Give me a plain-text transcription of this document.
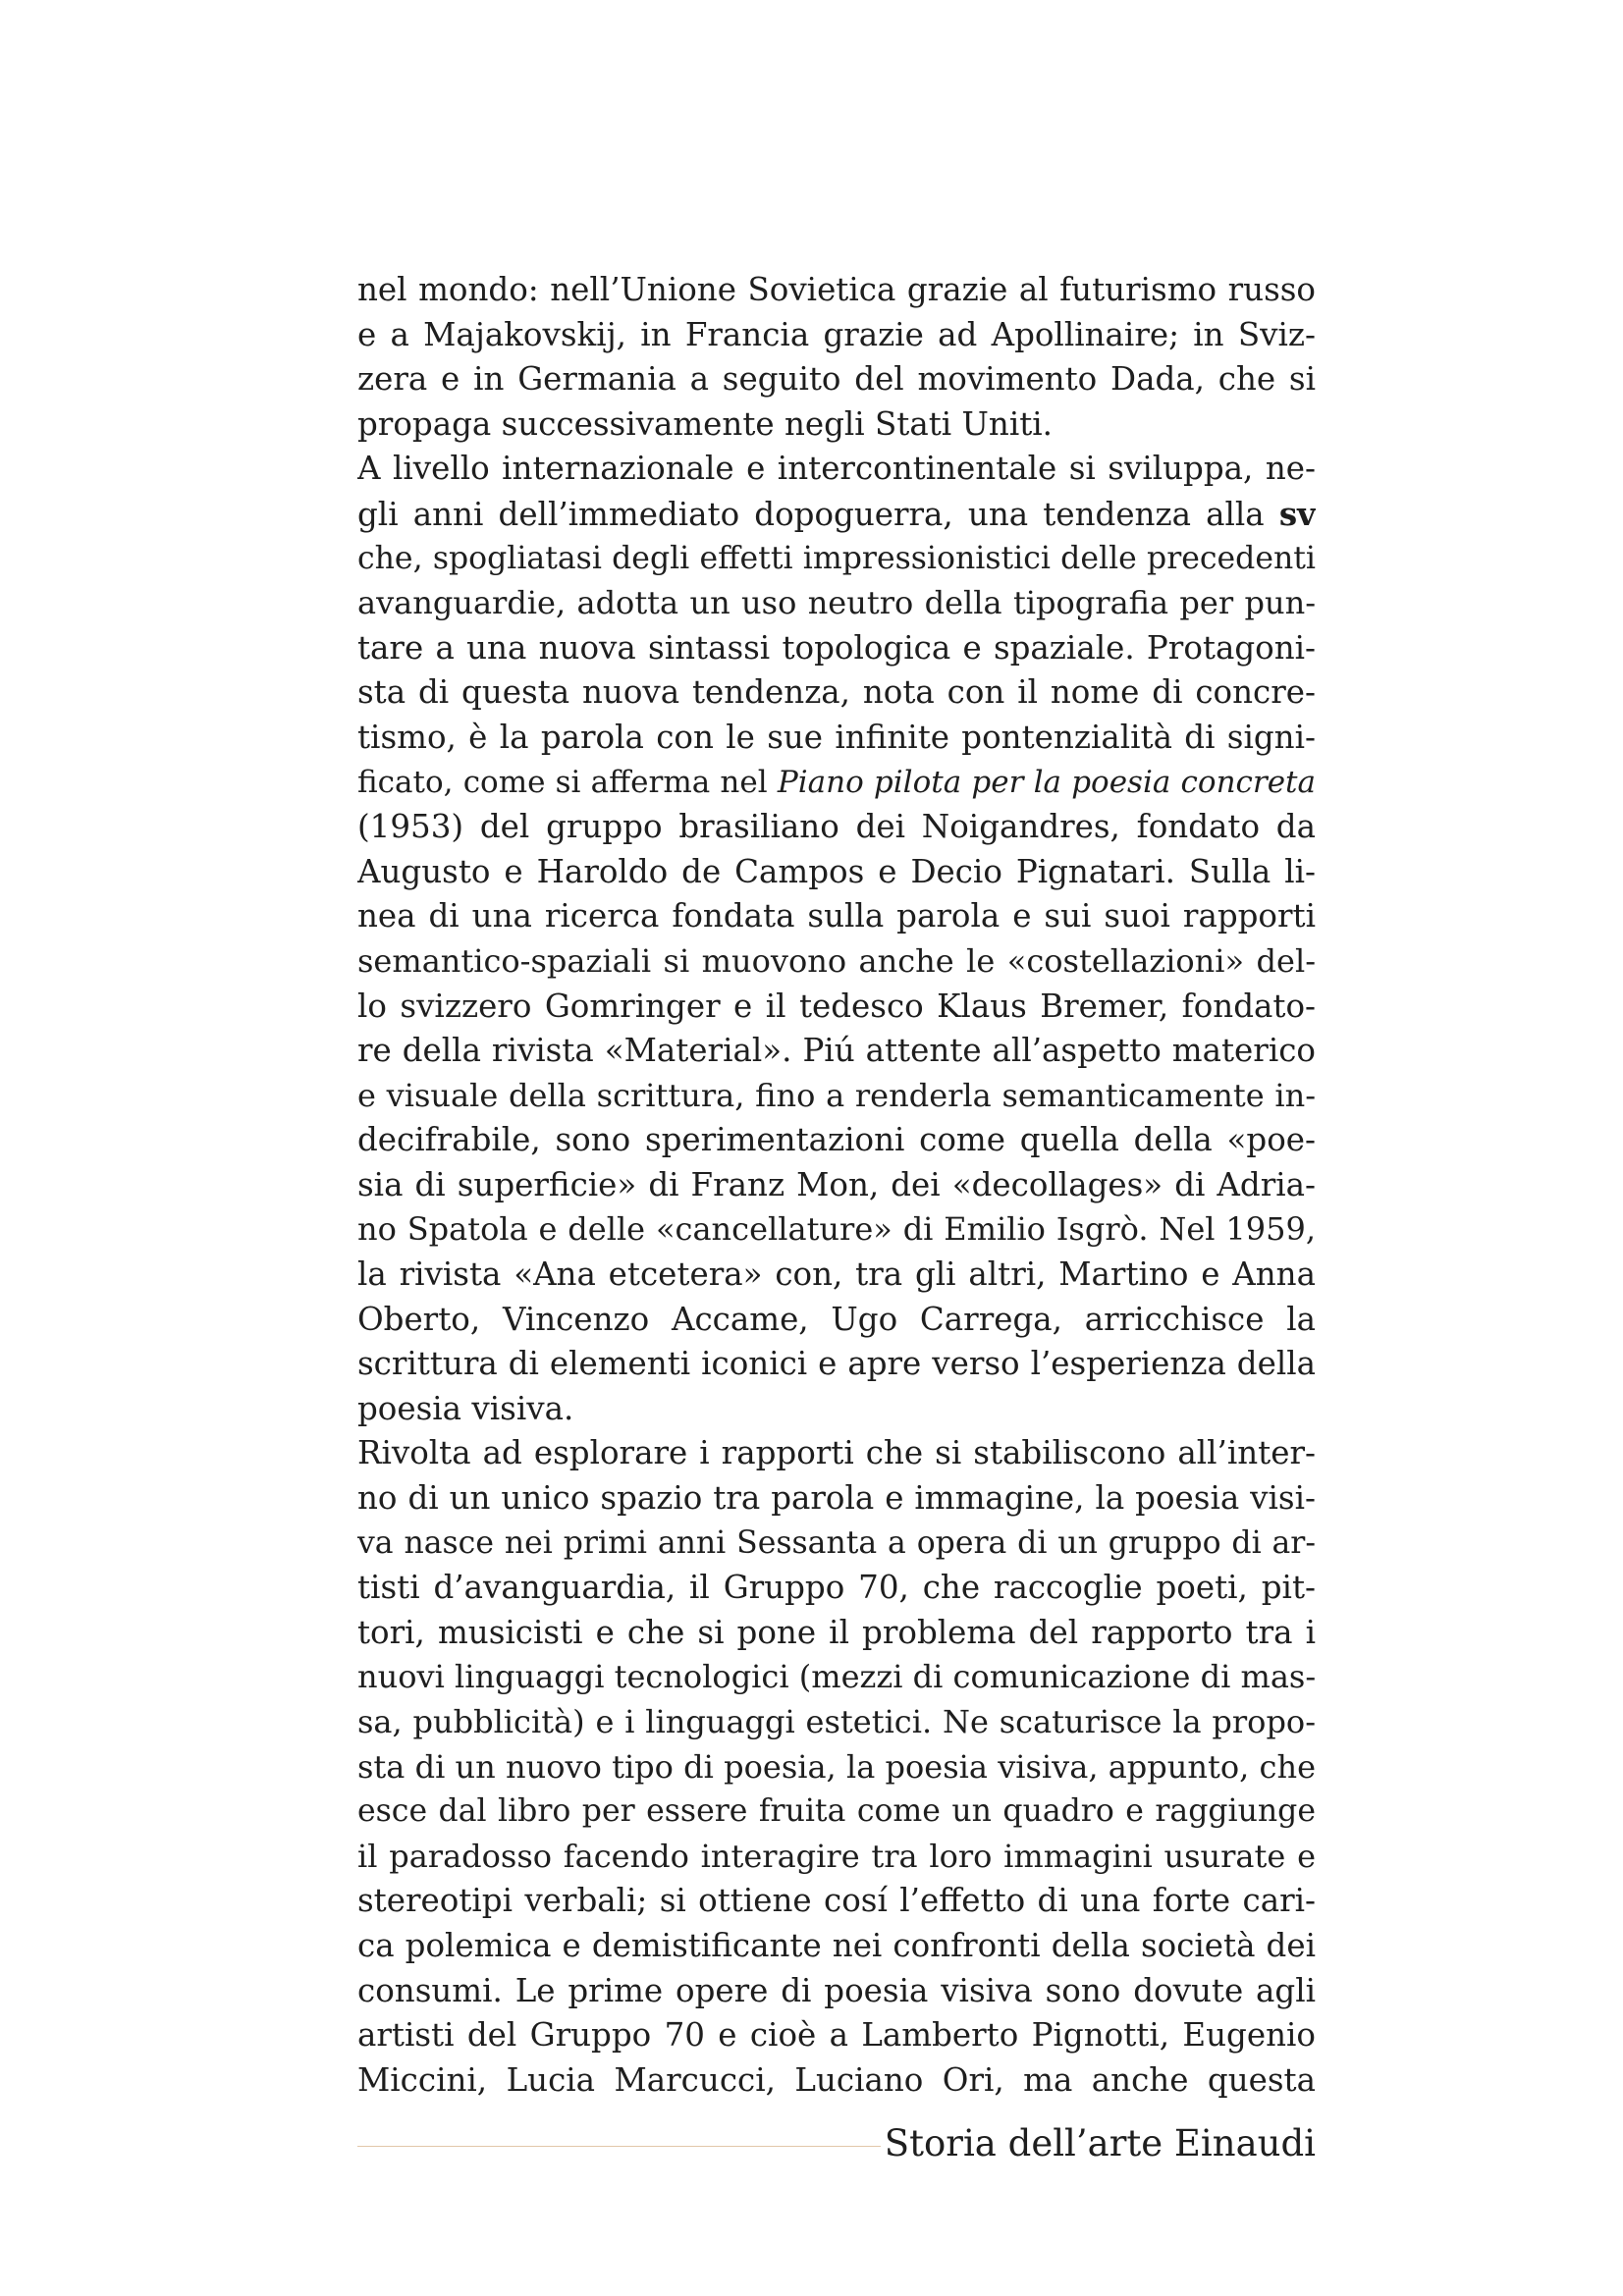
nel mondo: nell’Unione Sovietica grazie al futurismo russo
e a Majakovskij, in Francia grazie ad Apollinaire; in Sviz-
zera e in Germania a seguito del movimento Dada, che si
propaga successivamente negli Stati Uniti.
A livello internazionale e intercontinentale si sviluppa, ne-
gli anni dell’immediato dopoguerra, una tendenza alla sv
che, spogliatasi degli effetti impressionistici delle precedenti
avanguardie, adotta un uso neutro della tipografia per pun-
tare a una nuova sintassi topologica e spaziale. Protagoni-
sta di questa nuova tendenza, nota con il nome di concre-
tismo, è la parola con le sue infinite pontenzialità di signi-
ficato, come si afferma nel Piano pilota per la poesia concreta
(1953) del gruppo brasiliano dei Noigandres, fondato da
Augusto e Haroldo de Campos e Decio Pignatari. Sulla li-
nea di una ricerca fondata sulla parola e sui suoi rapporti
semantico-spaziali si muovono anche le «costellazioni» del-
lo svizzero Gomringer e il tedesco Klaus Bremer, fondato-
re della rivista «Material». Piú attente all’aspetto materico
e visuale della scrittura, fino a renderla semanticamente in-
decifrabile, sono sperimentazioni come quella della «poe-
sia di superficie» di Franz Mon, dei «decollages» di Adria-
no Spatola e delle «cancellature» di Emilio Isgrò. Nel 1959,
la rivista «Ana etcetera» con, tra gli altri, Martino e Anna
Oberto, Vincenzo Accame, Ugo Carrega, arricchisce la
scrittura di elementi iconici e apre verso l’esperienza della
poesia visiva.
Rivolta ad esplorare i rapporti che si stabiliscono all’inter-
no di un unico spazio tra parola e immagine, la poesia visi-
va nasce nei primi anni Sessanta a opera di un gruppo di ar-
tisti d’avanguardia, il Gruppo 70, che raccoglie poeti, pit-
tori, musicisti e che si pone il problema del rapporto tra i
nuovi linguaggi tecnologici (mezzi di comunicazione di mas-
sa, pubblicità) e i linguaggi estetici. Ne scaturisce la propo-
sta di un nuovo tipo di poesia, la poesia visiva, appunto, che
esce dal libro per essere fruita come un quadro e raggiunge
il paradosso facendo interagire tra loro immagini usurate e
stereotipi verbali; si ottiene cosí l’effetto di una forte cari-
ca polemica e demistificante nei confronti della società dei
consumi. Le prime opere di poesia visiva sono dovute agli
artisti del Gruppo 70 e cioè a Lamberto Pignotti, Eugenio
Miccini, Lucia Marcucci, Luciano Ori, ma anche questa
Storia dell’arte Einaudi
